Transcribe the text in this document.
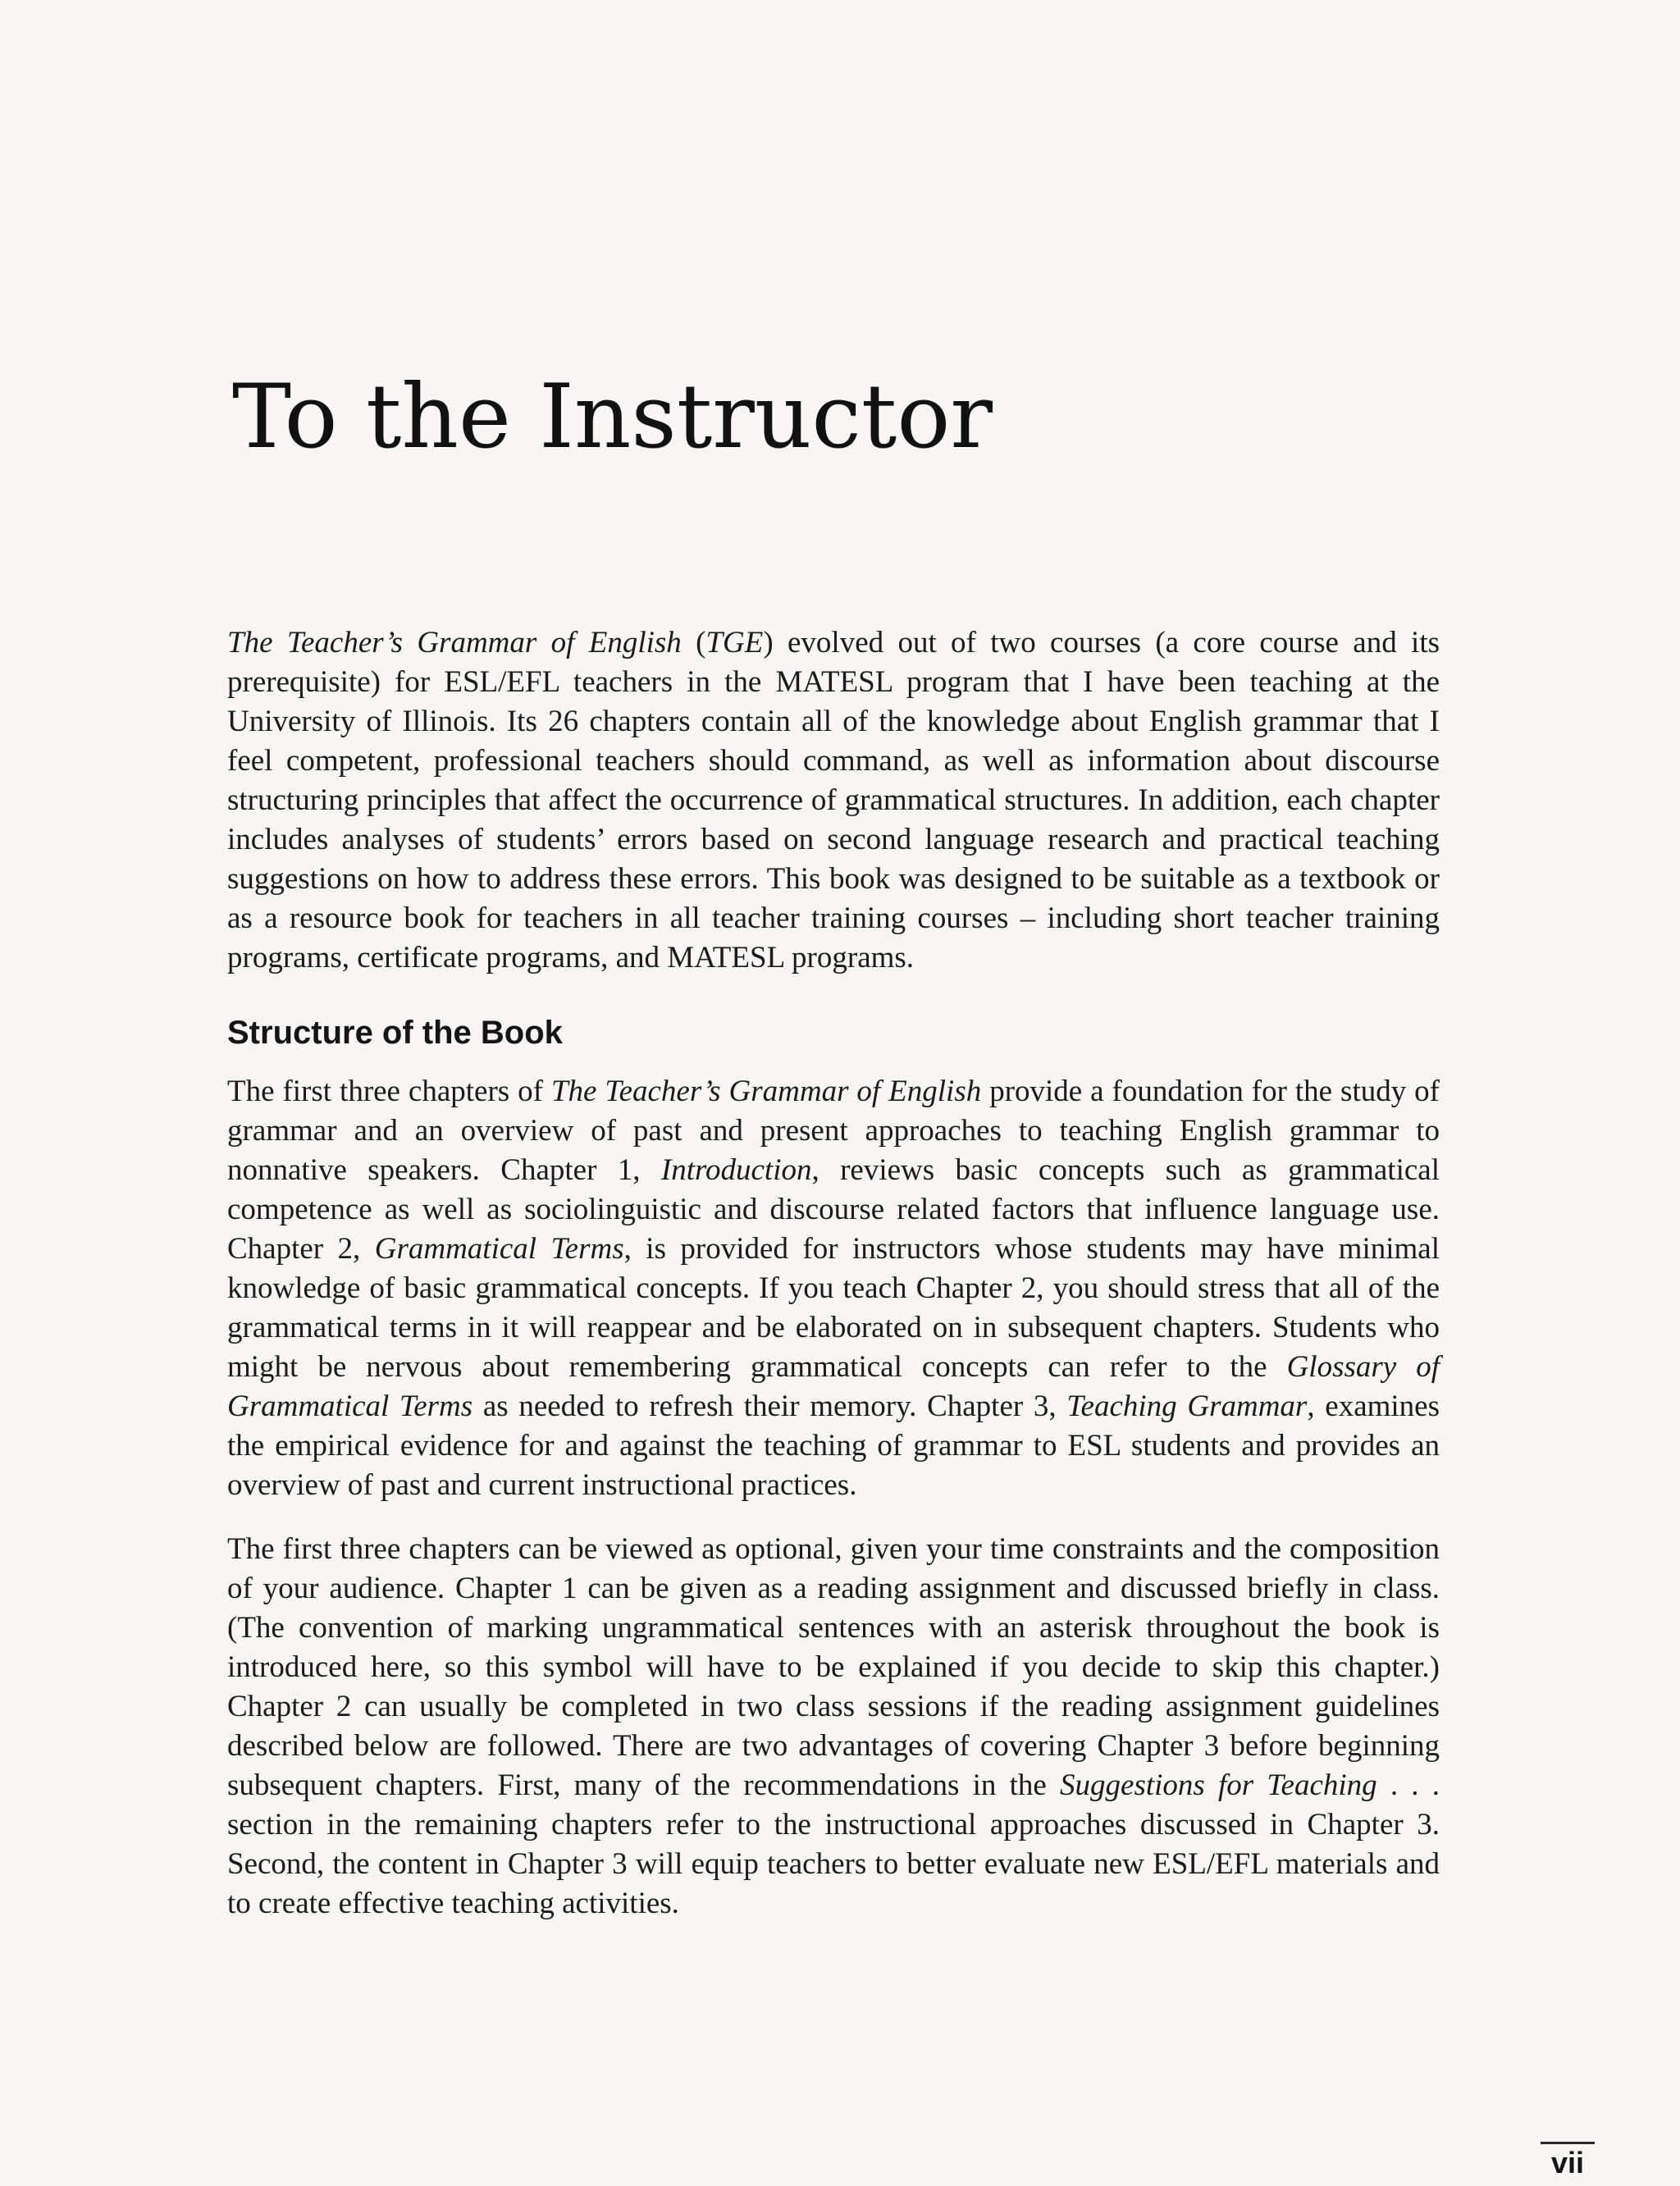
To the Instructor

The Teacher’s Grammar of English (TGE) evolved out of two courses (a core course and its prerequisite) for ESL/EFL teachers in the MATESL program that I have been teaching at the University of Illinois. Its 26 chapters contain all of the knowledge about English grammar that I feel competent, professional teachers should command, as well as information about discourse structuring principles that affect the occurrence of grammatical structures. In addition, each chapter includes analyses of students’ errors based on second language research and practical teaching suggestions on how to address these errors. This book was designed to be suitable as a textbook or as a resource book for teachers in all teacher training courses – including short teacher training programs, certificate programs, and MATESL programs.

Structure of the Book

The first three chapters of The Teacher’s Grammar of English provide a foundation for the study of grammar and an overview of past and present approaches to teaching English grammar to nonnative speakers. Chapter 1, Introduction, reviews basic concepts such as grammatical competence as well as sociolinguistic and discourse related factors that influence language use. Chapter 2, Grammatical Terms, is provided for instructors whose students may have minimal knowledge of basic grammatical concepts. If you teach Chapter 2, you should stress that all of the grammatical terms in it will reappear and be elaborated on in subsequent chapters. Students who might be nervous about remembering grammatical concepts can refer to the Glossary of Grammatical Terms as needed to refresh their memory. Chapter 3, Teaching Grammar, examines the empirical evidence for and against the teaching of grammar to ESL students and provides an overview of past and current instructional practices.

The first three chapters can be viewed as optional, given your time constraints and the composition of your audience. Chapter 1 can be given as a reading assignment and discussed briefly in class. (The convention of marking ungrammatical sentences with an asterisk throughout the book is introduced here, so this symbol will have to be explained if you decide to skip this chapter.) Chapter 2 can usually be completed in two class sessions if the reading assignment guidelines described below are followed. There are two advantages of covering Chapter 3 before beginning subsequent chapters. First, many of the recommendations in the Suggestions for Teaching . . . section in the remaining chapters refer to the instructional approaches discussed in Chapter 3. Second, the content in Chapter 3 will equip teachers to better evaluate new ESL/EFL materials and to create effective teaching activities.

vii
